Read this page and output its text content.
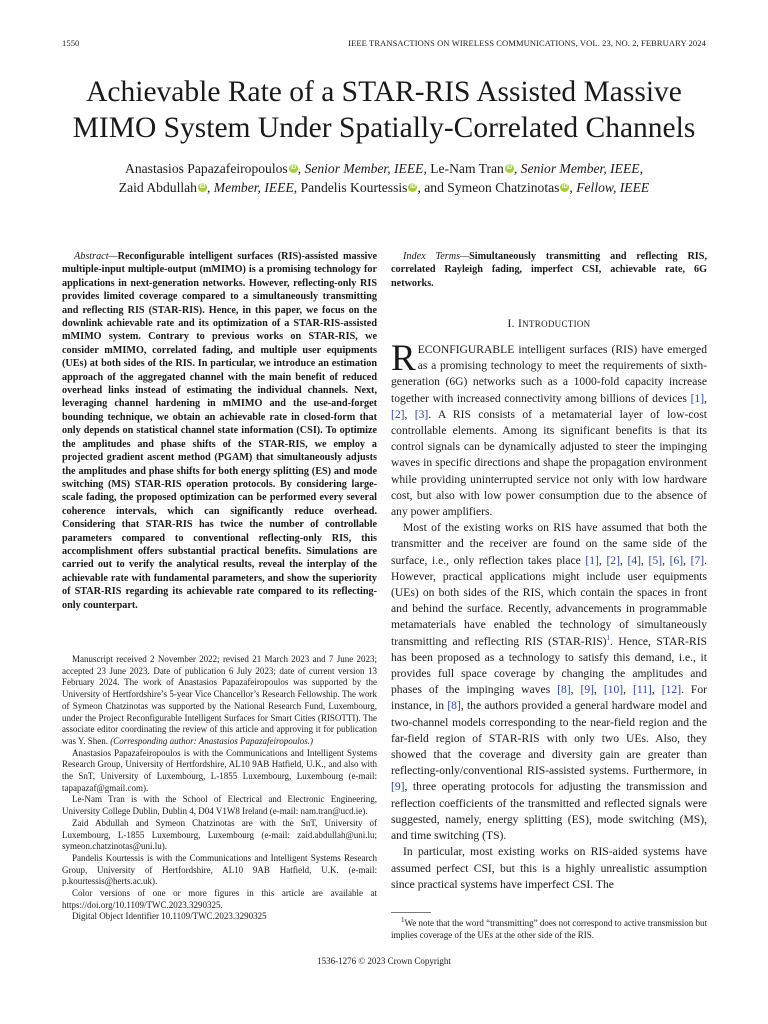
1550	IEEE TRANSACTIONS ON WIRELESS COMMUNICATIONS, VOL. 23, NO. 2, FEBRUARY 2024
Achievable Rate of a STAR-RIS Assisted Massive
MIMO System Under Spatially-Correlated Channels
Anastasios Papazafeiropoulos iD , Senior Member, IEEE, Le-Nam Tran iD , Senior Member, IEEE,
Zaid Abdullah iD , Member, IEEE, Pandelis Kourtessis iD , and Symeon Chatzinotas iD , Fellow, IEEE
Abstract—Reconfigurable intelligent surfaces (RIS)-assisted massive multiple-input multiple-output (mMIMO) is a promising technology for applications in next-generation networks. However, reflecting-only RIS provides limited coverage compared to a simultaneously transmitting and reflecting RIS (STAR-RIS). Hence, in this paper, we focus on the downlink achievable rate and its optimization of a STAR-RIS-assisted mMIMO system. Contrary to previous works on STAR-RIS, we consider mMIMO, correlated fading, and multiple user equipments (UEs) at both sides of the RIS. In particular, we introduce an estimation approach of the aggregated channel with the main benefit of reduced overhead links instead of estimating the individual channels. Next, leveraging channel hardening in mMIMO and the use-and-forget bounding technique, we obtain an achievable rate in closed-form that only depends on statistical channel state information (CSI). To optimize the amplitudes and phase shifts of the STAR-RIS, we employ a projected gradient ascent method (PGAM) that simultaneously adjusts the amplitudes and phase shifts for both energy splitting (ES) and mode switching (MS) STAR-RIS operation protocols. By considering large-scale fading, the proposed optimization can be performed every several coherence intervals, which can significantly reduce overhead. Considering that STAR-RIS has twice the number of controllable parameters compared to conventional reflecting-only RIS, this accomplishment offers substantial practical benefits. Simulations are carried out to verify the analytical results, reveal the interplay of the achievable rate with fundamental parameters, and show the superiority of STAR-RIS regarding its achievable rate compared to its reflecting-only counterpart.

Manuscript received 2 November 2022; revised 21 March 2023 and 7 June 2023; accepted 23 June 2023. Date of publication 6 July 2023; date of current version 13 February 2024. The work of Anastasios Papazafeiropoulos was supported by the University of Hertfordshire’s 5-year Vice Chancellor’s Research Fellowship. The work of Symeon Chatzinotas was supported by the National Research Fund, Luxembourg, under the Project Reconfigurable Intelligent Surfaces for Smart Cities (RISOTTI). The associate editor coordinating the review of this article and approving it for publication was Y. Shen. (Corresponding author: Anastasios Papazafeiropoulos.)

Anastasios Papazafeiropoulos is with the Communications and Intelligent Systems Research Group, University of Hertfordshire, AL10 9AB Hatfield, U.K., and also with the SnT, University of Luxembourg, L-1855 Luxembourg, Luxembourg (e-mail: tapapazaf@gmail.com).

Le-Nam Tran is with the School of Electrical and Electronic Engineering, University College Dublin, Dublin 4, D04 V1W8 Ireland (e-mail: nam.tran@ucd.ie).

Zaid Abdullah and Symeon Chatzinotas are with the SnT, University of Luxembourg, L-1855 Luxembourg, Luxembourg (e-mail: zaid.abdullah@uni.lu; symeon.chatzinotas@uni.lu).

Pandelis Kourtessis is with the Communications and Intelligent Systems Research Group, University of Hertfordshire, AL10 9AB Hatfield, U.K. (e-mail: p.kourtessis@herts.ac.uk).

Color versions of one or more figures in this article are available at https://doi.org/10.1109/TWC.2023.3290325.

Digital Object Identifier 10.1109/TWC.2023.3290325

Index Terms—Simultaneously transmitting and reflecting RIS, correlated Rayleigh fading, imperfect CSI, achievable rate, 6G networks.
I. INTRODUCTION

RECONFIGURABLE intelligent surfaces (RIS) have emerged as a promising technology to meet the requirements of sixth-generation (6G) networks such as a 1000-fold capacity increase together with increased connectivity among billions of devices [1], [2], [3]. A RIS consists of a metamaterial layer of low-cost controllable elements. Among its significant benefits is that its control signals can be dynamically adjusted to steer the impinging waves in specific directions and shape the propagation environment while providing uninterrupted service not only with low hardware cost, but also with low power consumption due to the absence of any power amplifiers.

Most of the existing works on RIS have assumed that both the transmitter and the receiver are found on the same side of the surface, i.e., only reflection takes place [1], [2], [4], [5], [6], [7]. However, practical applications might include user equipments (UEs) on both sides of the RIS, which contain the spaces in front and behind the surface. Recently, advancements in programmable metamaterials have enabled the technology of simultaneously transmitting and reflecting RIS (STAR-RIS)$^1$. Hence, STAR-RIS has been proposed as a technology to satisfy this demand, i.e., it provides full space coverage by changing the amplitudes and phases of the impinging waves [8], [9], [10], [11], [12]. For instance, in [8], the authors provided a general hardware model and two-channel models corresponding to the near-field region and the far-field region of STAR-RIS with only two UEs. Also, they showed that the coverage and diversity gain are greater than reflecting-only/conventional RIS-assisted systems. Furthermore, in [9], three operating protocols for adjusting the transmission and reflection coefficients of the transmitted and reflected signals were suggested, namely, energy splitting (ES), mode switching (MS), and time switching (TS).

In particular, most existing works on RIS-aided systems have assumed perfect CSI, but this is a highly unrealistic assumption since practical systems have imperfect CSI. The

$^1$We note that the word “transmitting” does not correspond to active transmission but implies coverage of the UEs at the other side of the RIS.
1536-1276 © 2023 Crown Copyright
